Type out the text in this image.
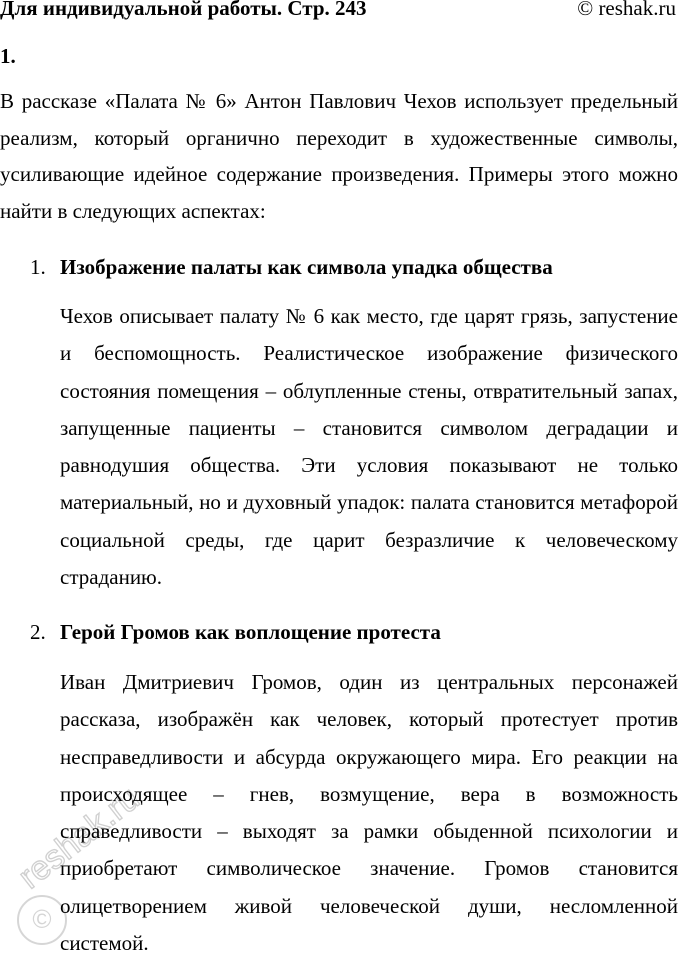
Для индивидуальной работы. Стр. 243	© reshak.ru
1.

В рассказе «Палата № 6» Антон Павлович Чехов использует предельный реализм, который органично переходит в художественные символы, усиливающие идейное содержание произведения. Примеры этого можно найти в следующих аспектах:

1. Изображение палаты как символа упадка общества

Чехов описывает палату № 6 как место, где царят грязь, запустение и беспомощность. Реалистическое изображение физического состояния помещения – облупленные стены, отвратительный запах, запущенные пациенты – становится символом деградации и равнодушия общества. Эти условия показывают не только материальный, но и духовный упадок: палата становится метафорой социальной среды, где царит безразличие к человеческому страданию.

2. Герой Громов как воплощение протеста

Иван Дмитриевич Громов, один из центральных персонажей рассказа, изображён как человек, который протестует против несправедливости и абсурда окружающего мира. Его реакции на происходящее – гнев, возмущение, вера в возможность справедливости – выходят за рамки обыденной психологии и приобретают символическое значение. Громов становится олицетворением живой человеческой души, несломленной системой.

©
reshak.ru
